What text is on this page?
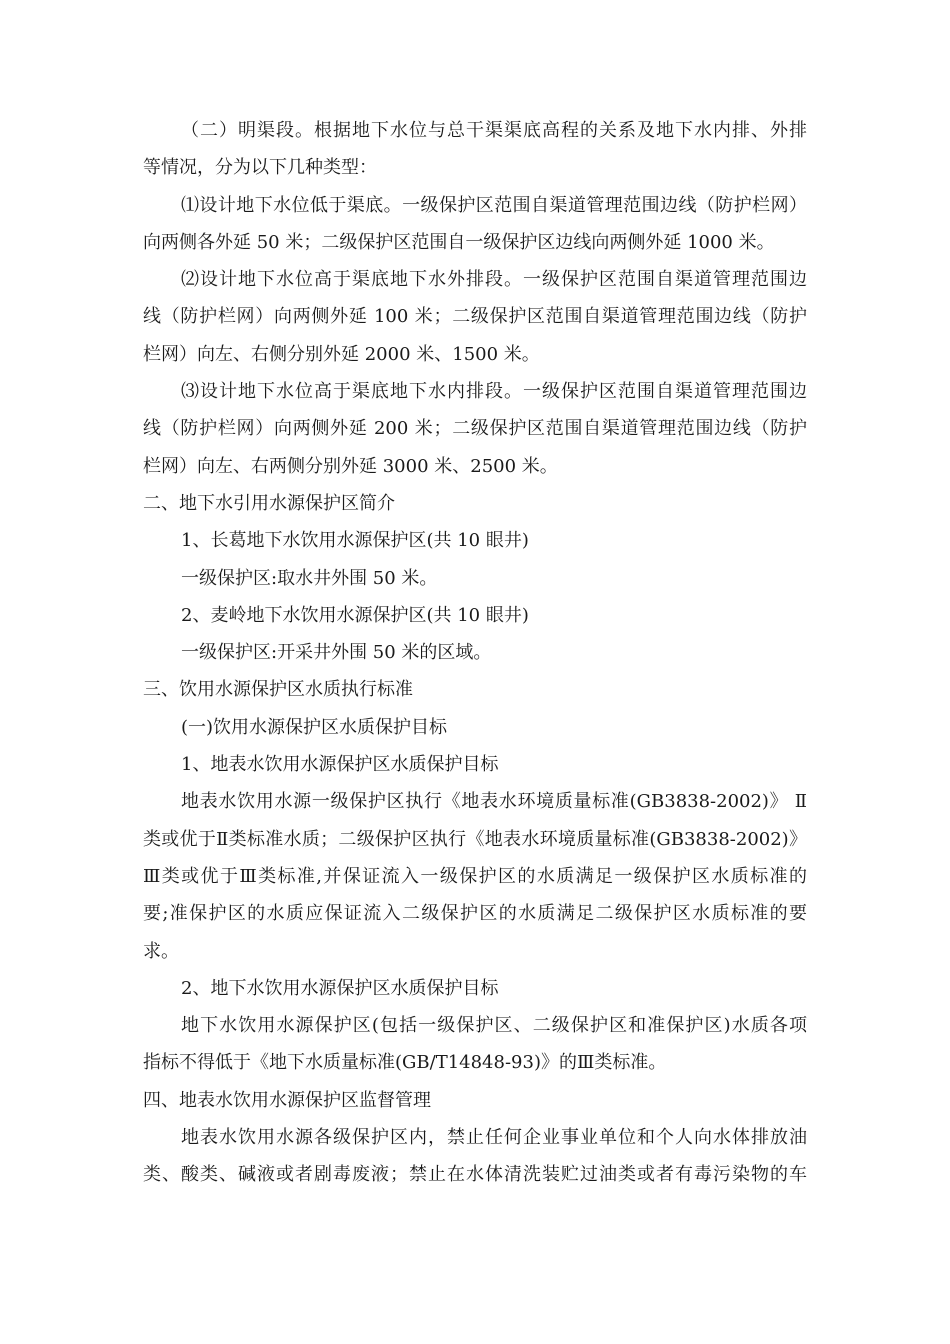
（二）明渠段。根据地下水位与总干渠渠底高程的关系及地下水内排、外排
等情况，分为以下几种类型：
⑴设计地下水位低于渠底。一级保护区范围自渠道管理范围边线（防护栏网）
向两侧各外延 50 米；二级保护区范围自一级保护区边线向两侧外延 1000 米。
⑵设计地下水位高于渠底地下水外排段。一级保护区范围自渠道管理范围边
线（防护栏网）向两侧外延 100 米；二级保护区范围自渠道管理范围边线（防护
栏网）向左、右侧分别外延 2000 米、1500 米。
⑶设计地下水位高于渠底地下水内排段。一级保护区范围自渠道管理范围边
线（防护栏网）向两侧外延 200 米；二级保护区范围自渠道管理范围边线（防护
栏网）向左、右两侧分别外延 3000 米、2500 米。
二、地下水引用水源保护区简介
1、长葛地下水饮用水源保护区(共 10 眼井)
一级保护区:取水井外围 50 米。
2、麦岭地下水饮用水源保护区(共 10 眼井)
一级保护区:开采井外围 50 米的区域。
三、饮用水源保护区水质执行标准
(一)饮用水源保护区水质保护目标
1、地表水饮用水源保护区水质保护目标
地表水饮用水源一级保护区执行《地表水环境质量标准(GB3838-2002)》 Ⅱ
类或优于Ⅱ类标准水质；二级保护区执行《地表水环境质量标准(GB3838-2002)》
Ⅲ类或优于Ⅲ类标准,并保证流入一级保护区的水质满足一级保护区水质标准的
要;准保护区的水质应保证流入二级保护区的水质满足二级保护区水质标准的要
求。
2、地下水饮用水源保护区水质保护目标
地下水饮用水源保护区(包括一级保护区、二级保护区和准保护区)水质各项
指标不得低于《地下水质量标准(GB/T14848-93)》的Ⅲ类标准。
四、地表水饮用水源保护区监督管理
地表水饮用水源各级保护区内，禁止任何企业事业单位和个人向水体排放油
类、酸类、碱液或者剧毒废液；禁止在水体清洗装贮过油类或者有毒污染物的车
